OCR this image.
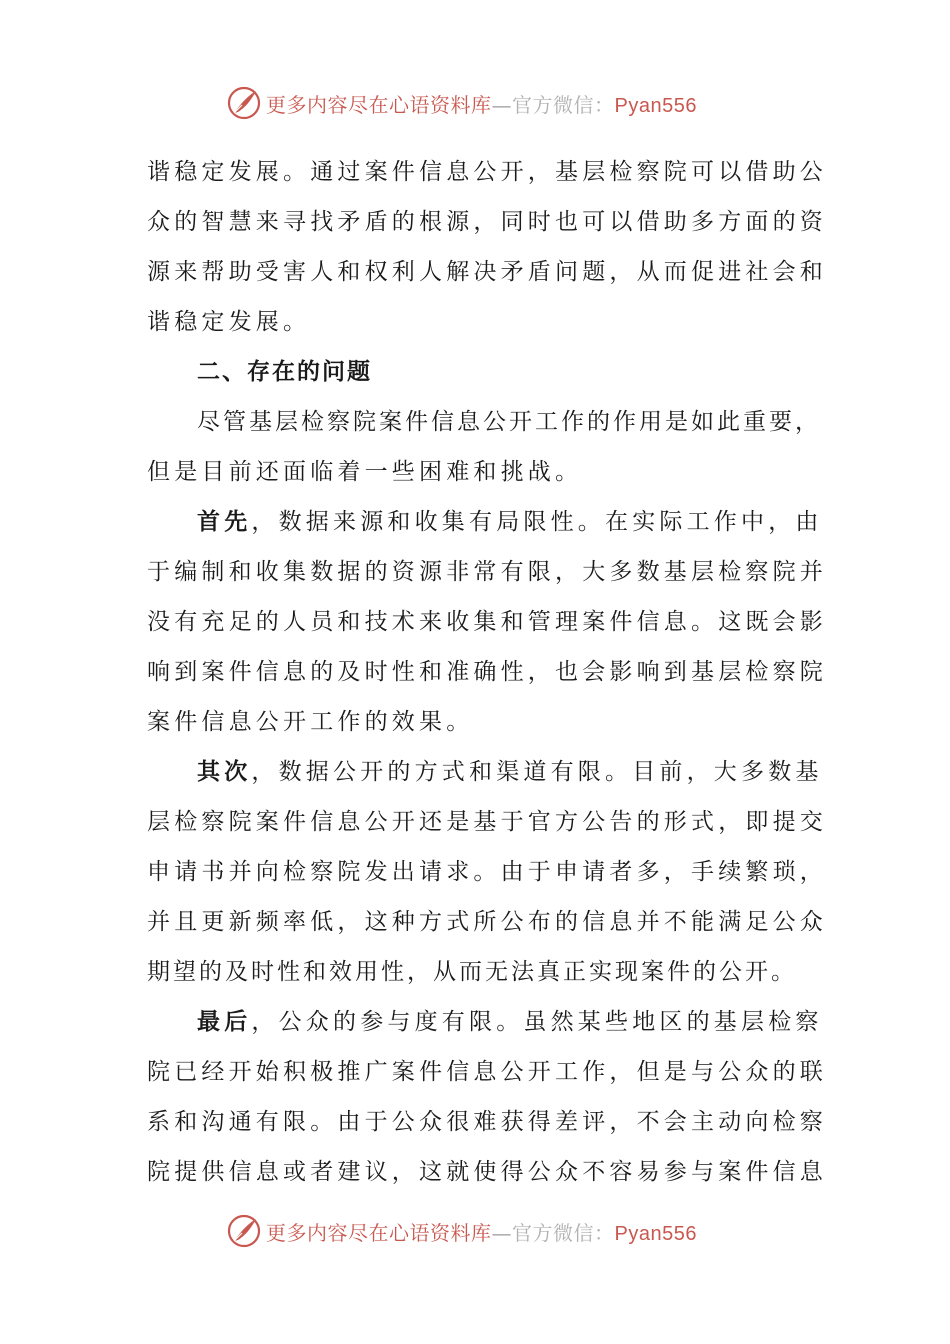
更多内容尽在心语资料库—官方微信：Pyan556
谐稳定发展。通过案件信息公开，基层检察院可以借助公
众的智慧来寻找矛盾的根源，同时也可以借助多方面的资
源来帮助受害人和权利人解决矛盾问题，从而促进社会和
谐稳定发展。
二、存在的问题
尽管基层检察院案件信息公开工作的作用是如此重要，
但是目前还面临着一些困难和挑战。
首先，数据来源和收集有局限性。在实际工作中，由
于编制和收集数据的资源非常有限，大多数基层检察院并
没有充足的人员和技术来收集和管理案件信息。这既会影
响到案件信息的及时性和准确性，也会影响到基层检察院
案件信息公开工作的效果。
其次，数据公开的方式和渠道有限。目前，大多数基
层检察院案件信息公开还是基于官方公告的形式，即提交
申请书并向检察院发出请求。由于申请者多，手续繁琐，
并且更新频率低，这种方式所公布的信息并不能满足公众
期望的及时性和效用性，从而无法真正实现案件的公开。
最后，公众的参与度有限。虽然某些地区的基层检察
院已经开始积极推广案件信息公开工作，但是与公众的联
系和沟通有限。由于公众很难获得差评，不会主动向检察
院提供信息或者建议，这就使得公众不容易参与案件信息
更多内容尽在心语资料库—官方微信：Pyan556
